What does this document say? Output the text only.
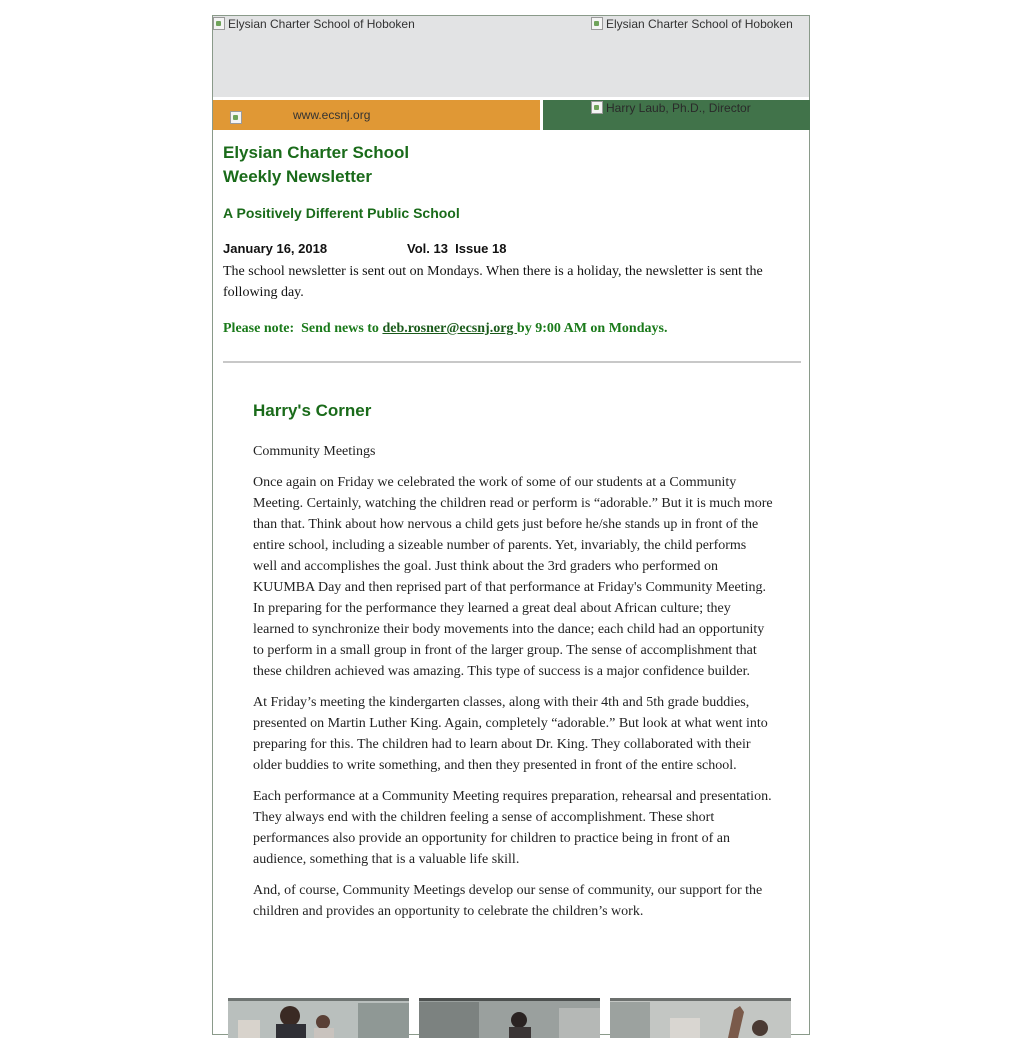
Elysian Charter School of Hoboken	Elysian Charter School of Hoboken
www.ecsnj.org	Harry Laub, Ph.D., Director
Elysian Charter School
Weekly Newsletter
A Positively Different Public School
January 16, 2018	Vol. 13  Issue 18

The school newsletter is sent out on Mondays. When there is a holiday, the newsletter is sent the following day.

Please note:  Send news to deb.rosner@ecsnj.org by 9:00 AM on Mondays.
Harry's Corner

Community Meetings

Once again on Friday we celebrated the work of some of our students at a Community Meeting. Certainly, watching the children read or perform is “adorable.” But it is much more than that. Think about how nervous a child gets just before he/she stands up in front of the entire school, including a sizeable number of parents. Yet, invariably, the child performs well and accomplishes the goal. Just think about the 3rd graders who performed on KUUMBA Day and then reprised part of that performance at Friday's Community Meeting. In preparing for the performance they learned a great deal about African culture; they learned to synchronize their body movements into the dance; each child had an opportunity to perform in a small group in front of the larger group. The sense of accomplishment that these children achieved was amazing. This type of success is a major confidence builder.

At Friday’s meeting the kindergarten classes, along with their 4th and 5th grade buddies, presented on Martin Luther King. Again, completely “adorable.” But look at what went into preparing for this. The children had to learn about Dr. King. They collaborated with their older buddies to write something, and then they presented in front of the entire school.

Each performance at a Community Meeting requires preparation, rehearsal and presentation. They always end with the children feeling a sense of accomplishment. These short performances also provide an opportunity for children to practice being in front of an audience, something that is a valuable life skill.

And, of course, Community Meetings develop our sense of community, our support for the children and provides an opportunity to celebrate the children’s work.
